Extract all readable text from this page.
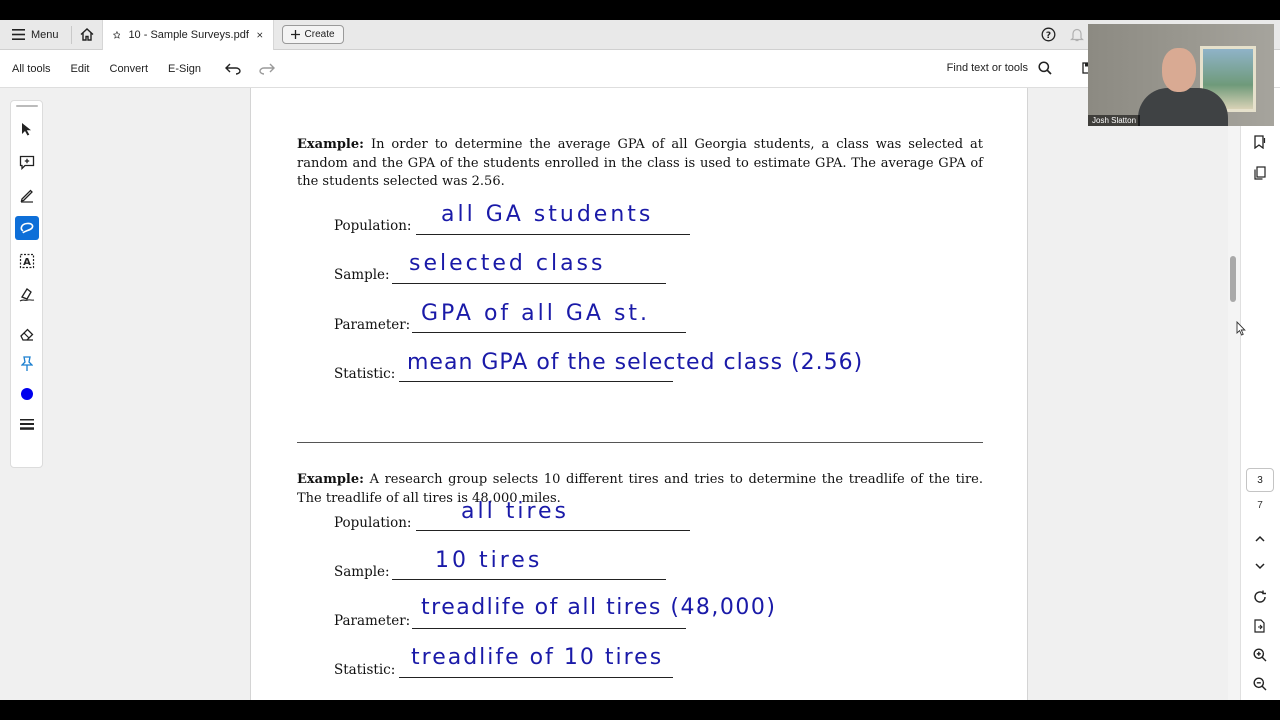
Menu	10 - Sample Surveys.pdf	Create	?
All tools	Edit	Convert	E-Sign	Find text or tools
A
Example: In order to determine the average GPA of all Georgia students, a class was selected at random and the GPA of the students enrolled in the class is used to estimate GPA. The average GPA of the students selected was 2.56.
Population: all GA students
Sample: selected class
Parameter: GPA of all GA st.
Statistic: mean GPA of the selected class (2.56)
Example: A research group selects 10 different tires and tries to determine the treadlife of the tire. The treadlife of all tires is 48,000 miles.
Population: all tires
Sample: 10 tires
Parameter:
treadlife of all tires (48,000)
Statistic: treadlife of 10 tires
3
7
Josh Slatton
